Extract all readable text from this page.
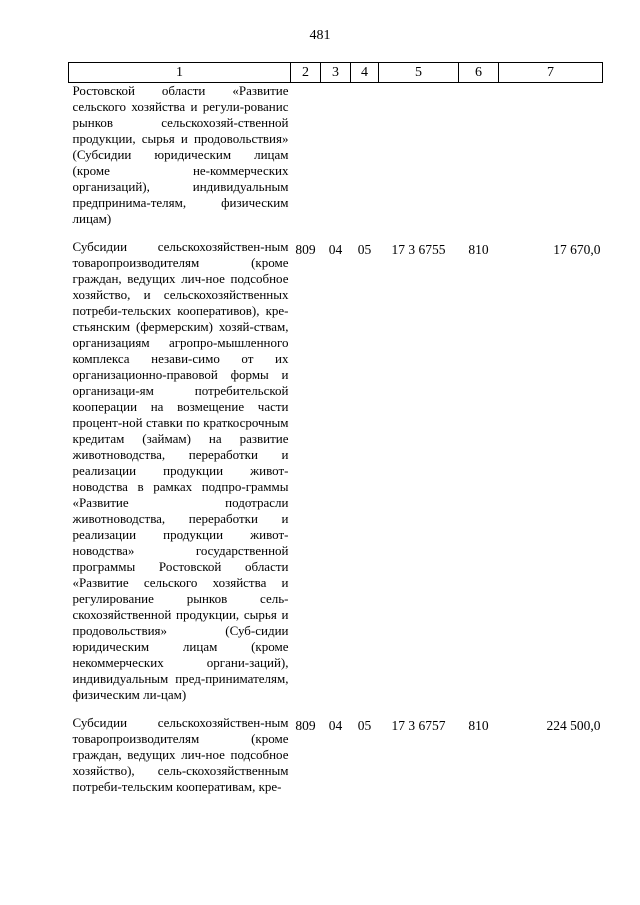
481
1	2	3	4	5	6	7
Ростовской области «Развитие сельского хозяйства и регули-рованис рынков сельскохозяй-ственной продукции, сырья и продовольствия» (Субсидии юридическим лицам (кроме не-коммерческих организаций), индивидуальным предпринима-телям, физическим лицам)						

Субсидии сельскохозяйствен-ным товаропроизводителям (кроме граждан, ведущих лич-ное подсобное хозяйство, и сельскохозяйственных потреби-тельских кооперативов), кре-стьянским (фермерским) хозяй-ствам, организациям агропро-мышленного комплекса незави-симо от их организационно-правовой формы и организаци-ям потребительской кооперации на возмещение части процент-ной ставки по краткосрочным кредитам (займам) на развитие животноводства, переработки и реализации продукции живот-новодства в рамках подпро-граммы «Развитие подотрасли животноводства, переработки и реализации продукции живот-новодства» государственной программы Ростовской области «Развитие сельского хозяйства и регулирование рынков сель-скохозяйственной продукции, сырья и продовольствия» (Суб-сидии юридическим лицам (кроме некоммерческих органи-заций), индивидуальным пред-принимателям, физическим ли-цам)	809	04	05	17 3 6755	810	17 670,0

Субсидии сельскохозяйствен-ным товаропроизводителям (кроме граждан, ведущих лич-ное подсобное хозяйство), сель-скохозяйственным потреби-тельским кооперативам, кре-	809	04	05	17 3 6757	810	224 500,0
